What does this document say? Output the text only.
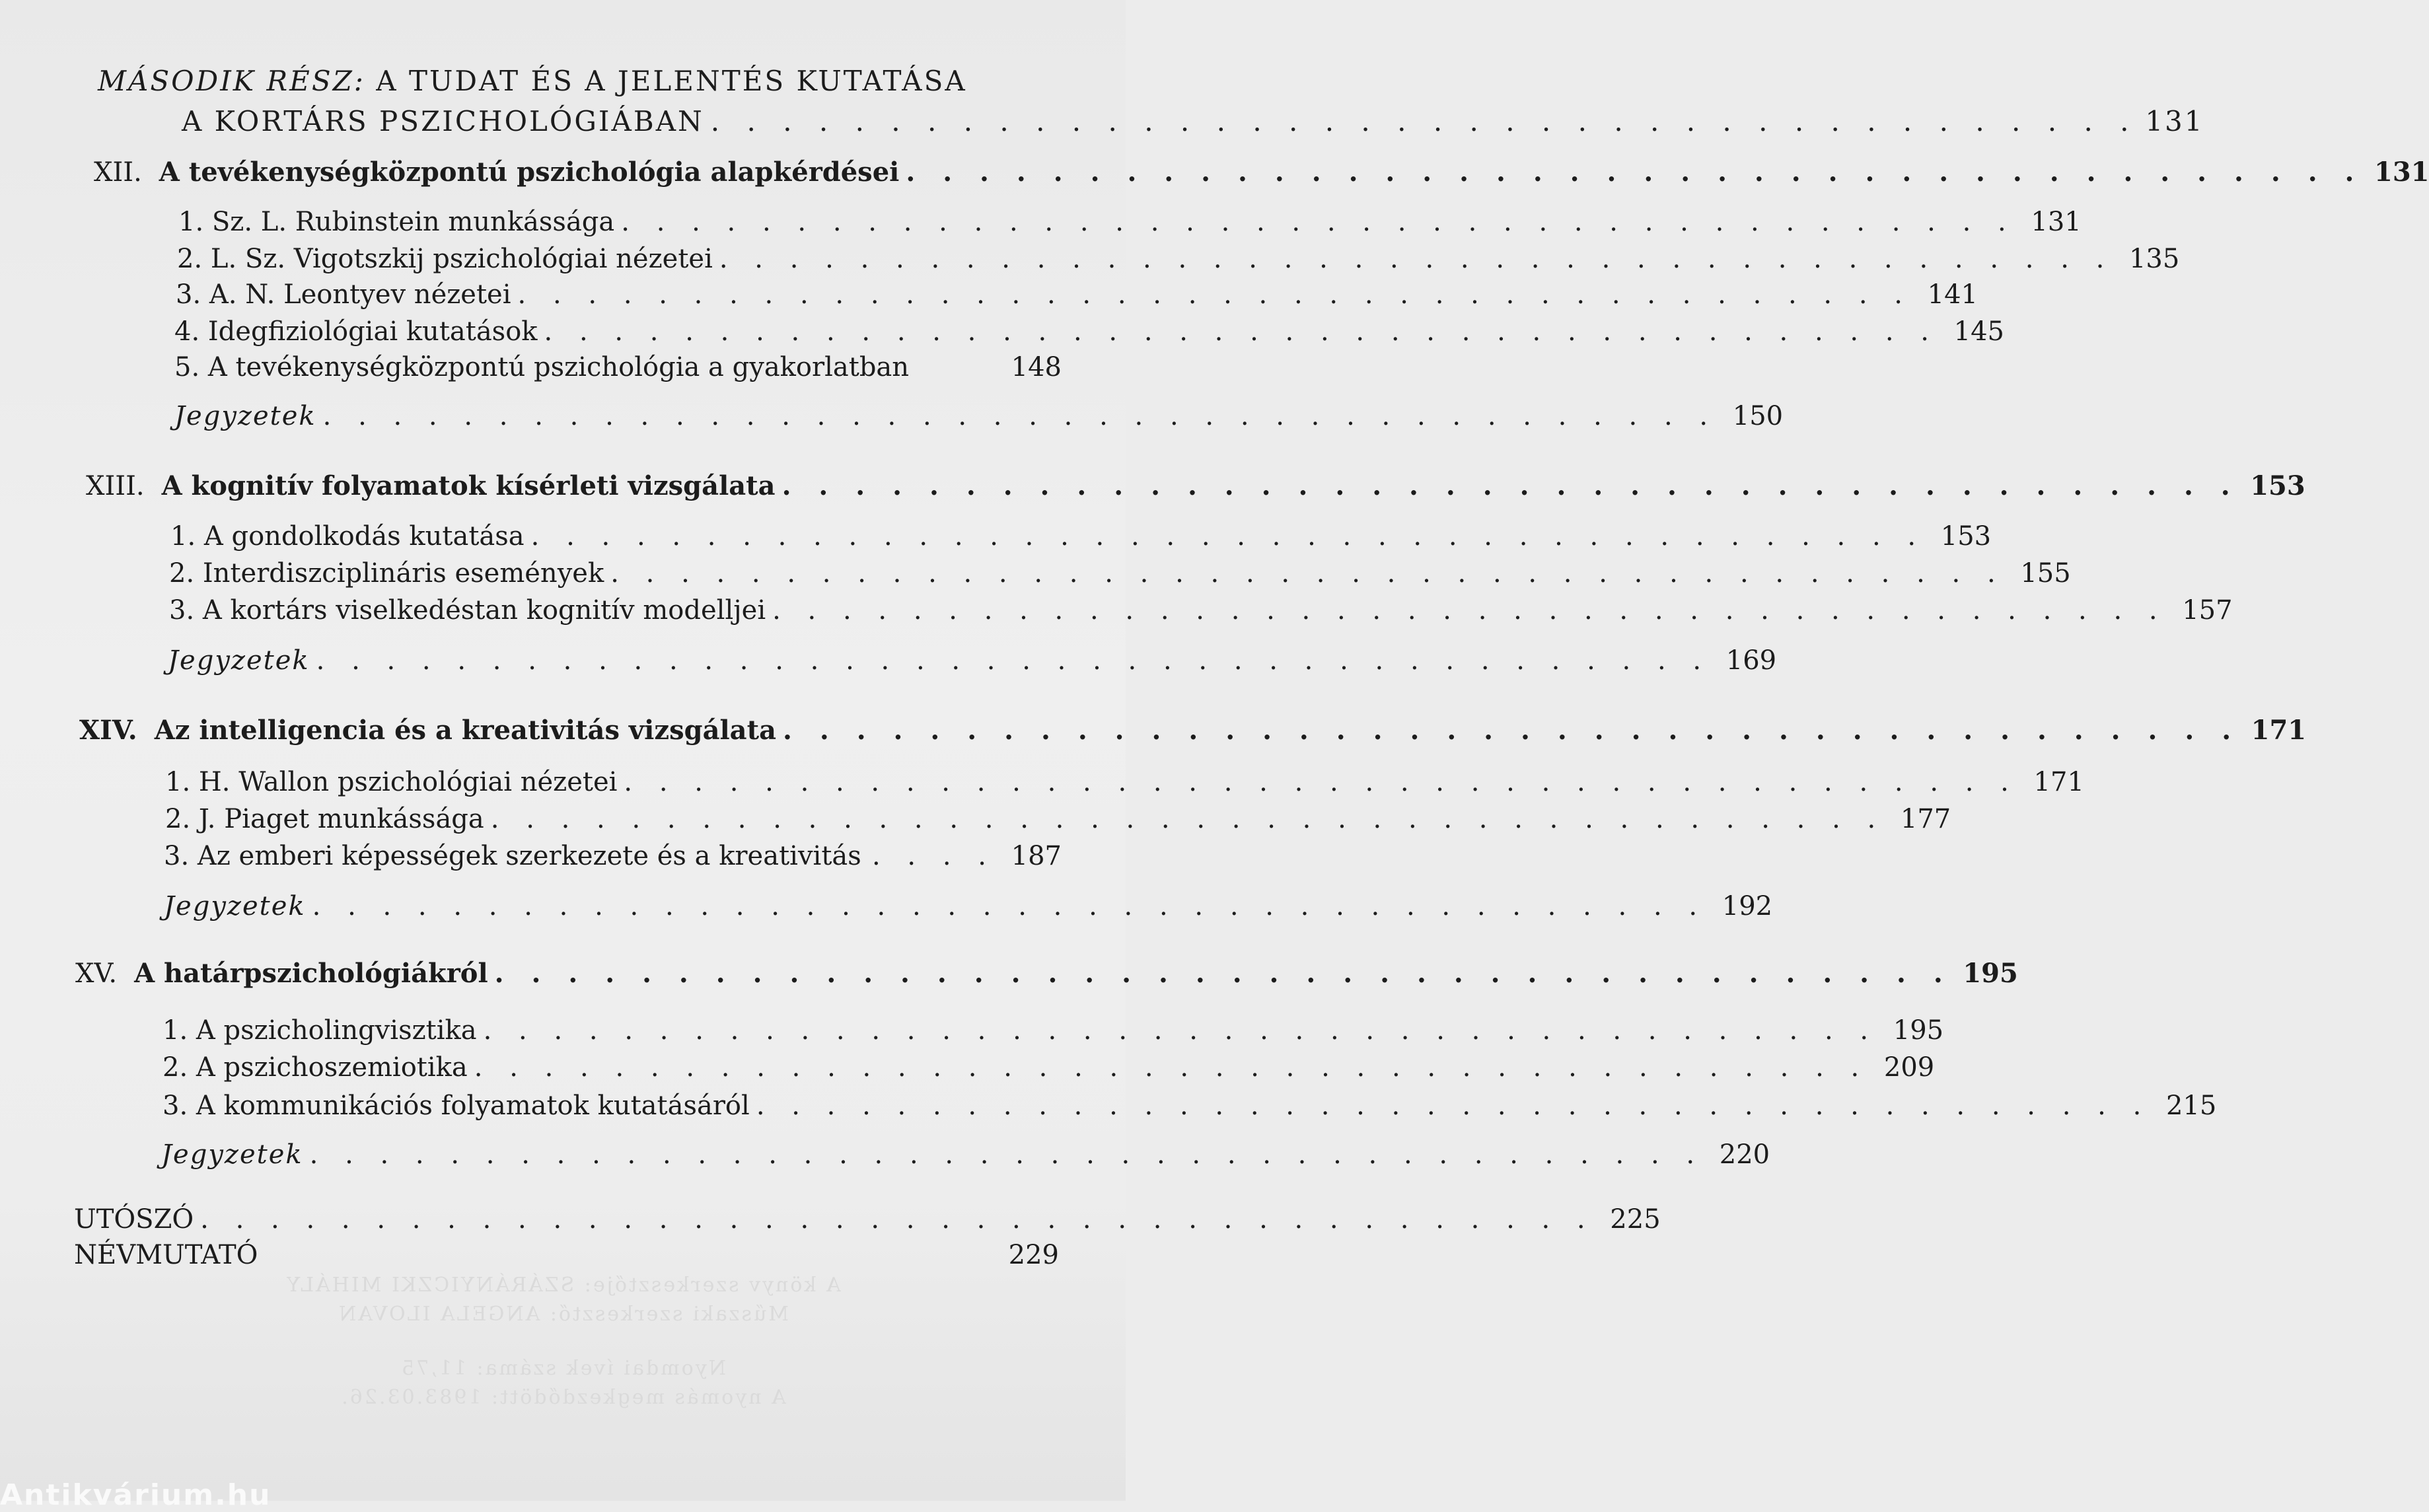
MÁSODIK RÉSZ: A TUDAT ÉS A JELENTÉS KUTATÁSA
A KORTÁRS PSZICHOLÓGIÁBAN . . . . . . . . . . . . . . . . . . . . . . . . . . . . . . . . . . . . . . . . 131
XII. A tevékenységközpontú pszichológia alapkérdései . . . . . . . . . . . . . . . . . . . . . . . . . . . . . . . . . . . . . . . . 131
1. Sz. L. Rubinstein munkássága . . . . . . . . . . . . . . . . . . . . . . . . . . . . . . . . . . . . . . . . 131
2. L. Sz. Vigotszkij pszichológiai nézetei . . . . . . . . . . . . . . . . . . . . . . . . . . . . . . . . . . . . . . . . 135
3. A. N. Leontyev nézetei . . . . . . . . . . . . . . . . . . . . . . . . . . . . . . . . . . . . . . . . 141
4. Idegfiziológiai kutatások . . . . . . . . . . . . . . . . . . . . . . . . . . . . . . . . . . . . . . . . 145
5. A tevékenységközpontú pszichológia a gyakorlatban	148
Jegyzetek . . . . . . . . . . . . . . . . . . . . . . . . . . . . . . . . . . . . . . . . 150
XIII. A kognitív folyamatok kísérleti vizsgálata . . . . . . . . . . . . . . . . . . . . . . . . . . . . . . . . . . . . . . . . 153
1. A gondolkodás kutatása . . . . . . . . . . . . . . . . . . . . . . . . . . . . . . . . . . . . . . . . 153
2. Interdiszciplináris események . . . . . . . . . . . . . . . . . . . . . . . . . . . . . . . . . . . . . . . . 155
3. A kortárs viselkedéstan kognitív modelljei . . . . . . . . . . . . . . . . . . . . . . . . . . . . . . . . . . . . . . . . 157
Jegyzetek . . . . . . . . . . . . . . . . . . . . . . . . . . . . . . . . . . . . . . . . 169
XIV. Az intelligencia és a kreativitás vizsgálata . . . . . . . . . . . . . . . . . . . . . . . . . . . . . . . . . . . . . . . . 171
1. H. Wallon pszichológiai nézetei . . . . . . . . . . . . . . . . . . . . . . . . . . . . . . . . . . . . . . . . 171
2. J. Piaget munkássága . . . . . . . . . . . . . . . . . . . . . . . . . . . . . . . . . . . . . . . . 177
3. Az emberi képességek szerkezete és a kreativitás . . . . 187
Jegyzetek . . . . . . . . . . . . . . . . . . . . . . . . . . . . . . . . . . . . . . . . 192
XV. A határpszichológiákról . . . . . . . . . . . . . . . . . . . . . . . . . . . . . . . . . . . . . . . . 195
1. A pszicholingvisztika . . . . . . . . . . . . . . . . . . . . . . . . . . . . . . . . . . . . . . . . 195
2. A pszichoszemiotika . . . . . . . . . . . . . . . . . . . . . . . . . . . . . . . . . . . . . . . . 209
3. A kommunikációs folyamatok kutatásáról . . . . . . . . . . . . . . . . . . . . . . . . . . . . . . . . . . . . . . . . 215
Jegyzetek . . . . . . . . . . . . . . . . . . . . . . . . . . . . . . . . . . . . . . . . 220
UTÓSZÓ . . . . . . . . . . . . . . . . . . . . . . . . . . . . . . . . . . . . . . . . 225
NÉVMUTATÓ	229
A könyv szerkesztője: SZÁRÁNYICZKI MIHÁLY
Műszaki szerkesztő: ANGELA ILOVAN
Nyomdai ívek száma: 11,75
A nyomás megkezdődött: 1983.03.26.
Antikvárium.hu
